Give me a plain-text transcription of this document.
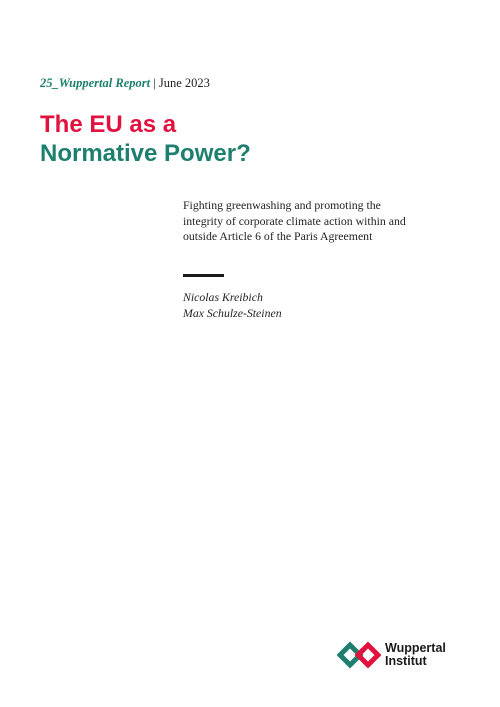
25_Wuppertal Report | June 2023
The EU as a
Normative Power?
Fighting greenwashing and promoting the integrity of corporate climate action within and outside Article 6 of the Paris Agreement
Nicolas Kreibich
Max Schulze-Steinen
Wuppertal
Institut
